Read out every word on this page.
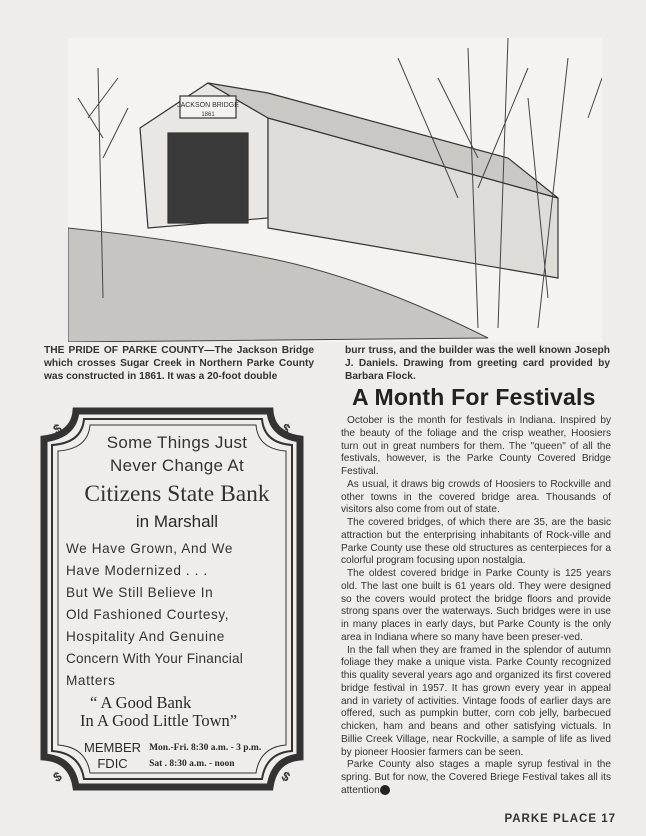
JACKSON BRIDGE
1861
THE PRIDE OF PARKE COUNTY—The Jackson Bridge which crosses Sugar Creek in Northern Parke County was constructed in 1861. It was a 20-foot double
burr truss, and the builder was the well known Joseph J. Daniels. Drawing from greeting card provided by Barbara Flock.
A Month For Festivals

October is the month for festivals in Indiana. Inspired by the beauty of the foliage and the crisp weather, Hoosiers turn out in great numbers for them. The "queen" of all the festivals, however, is the Parke County Covered Bridge Festival.

As usual, it draws big crowds of Hoosiers to Rockville and other towns in the covered bridge area. Thousands of visitors also come from out of state.

The covered bridges, of which there are 35, are the basic attraction but the enterprising inhabitants of Rock-ville and Parke County use these old structures as centerpieces for a colorful program focusing upon nostalgia.

The oldest covered bridge in Parke County is 125 years old. The last one built is 61 years old. They were designed so the covers would protect the bridge floors and provide strong spans over the waterways. Such bridges were in use in many places in early days, but Parke County is the only area in Indiana where so many have been preser-ved.

In the fall when they are framed in the splendor of autumn foliage they make a unique vista. Parke County recognized this quality several years ago and organized its first covered bridge festival in 1957. It has grown every year in appeal and in variety of activities. Vintage foods of earlier days are offered, such as pumpkin butter, corn cob jelly, barbecued chicken, ham and beans and other satisfying victuals. In Billie Creek Village, near Rockville, a sample of life as lived by pioneer Hoosier farmers can be seen.

Parke County also stages a maple syrup festival in the spring. But for now, the Covered Briege Festival takes all its attention

$	$
$	$
Some Things Just
Never Change At
Citizens State Bank
in Marshall
We Have Grown, And We
Have Modernized . . .
But We Still Believe In
Old Fashioned Courtesy,
Hospitality And Genuine
Concern With Your Financial
Matters
“ A Good Bank
In A Good Little Town”
MEMBER
FDIC
Mon.-Fri. 8:30 a.m. - 3 p.m.
Sat . 8:30 a.m. - noon
PARKE PLACE 17
